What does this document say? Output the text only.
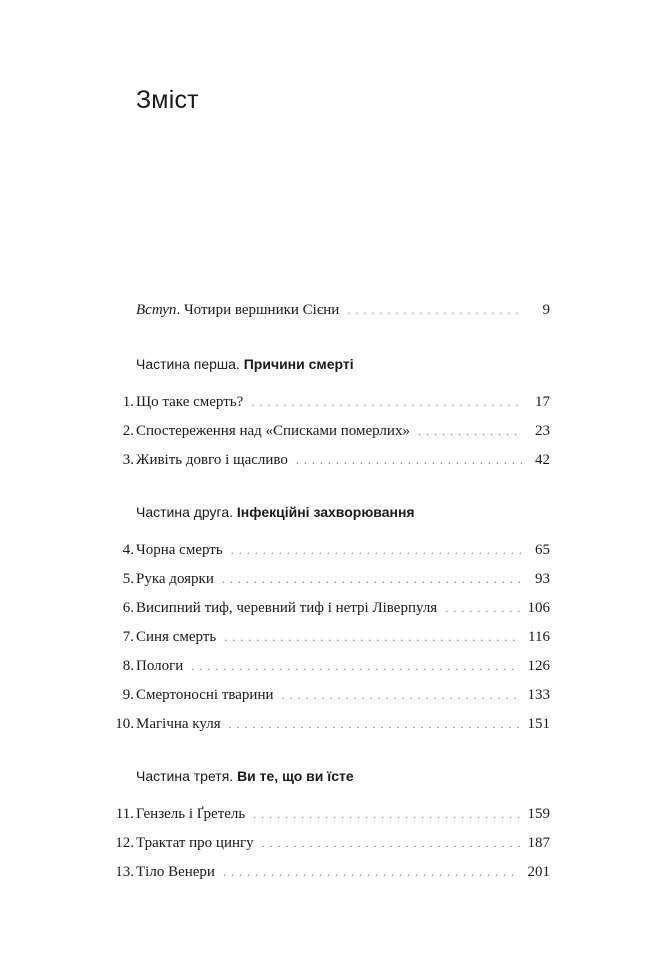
Зміст
Вступ. Чотири вершники Сієни . . .	9
Частина перша. Причини смерті
1. Що таке смерть? . . .	17
2. Спостереження над «Списками померлих» . . .	23
3. Живіть довго і щасливо . . .	42
Частина друга. Інфекційні захворювання
4. Чорна смерть . . .	65
5. Рука доярки . . .	93
6. Висипний тиф, черевний тиф і нетрі Ліверпуля . . .	106
7. Синя смерть . . .	116
8. Пологи . . .	126
9. Смертоносні тварини . . .	133
10. Магічна куля . . .	151
Частина третя. Ви те, що ви їсте
11. Гензель і Ґретель . . .	159
12. Трактат про цингу . . .	187
13. Тіло Венери . . .	201
